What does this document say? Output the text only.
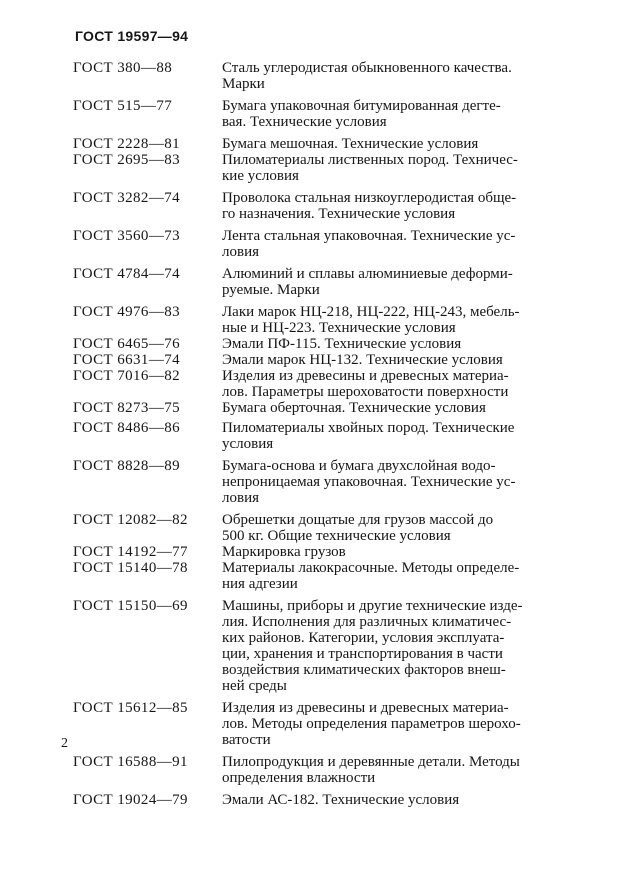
ГОСТ 19597—94
ГОСТ 380—88	Сталь углеродистая обыкновенного качества.
Марки
ГОСТ 515—77	Бумага упаковочная битумированная дегте-
вая. Технические условия
ГОСТ 2228—81	Бумага мешочная. Технические условия
ГОСТ 2695—83	Пиломатериалы лиственных пород. Техничес-
кие условия
ГОСТ 3282—74	Проволока стальная низкоуглеродистая обще-
го назначения. Технические условия
ГОСТ 3560—73	Лента стальная упаковочная. Технические ус-
ловия
ГОСТ 4784—74	Алюминий и сплавы алюминиевые деформи-
руемые. Марки
ГОСТ 4976—83	Лаки марок НЦ-218, НЦ-222, НЦ-243, мебель-
ные и НЦ-223. Технические условия
ГОСТ 6465—76	Эмали ПФ-115. Технические условия
ГОСТ 6631—74	Эмали марок НЦ-132. Технические условия
ГОСТ 7016—82	Изделия из древесины и древесных материа-
лов. Параметры шероховатости поверхности
ГОСТ 8273—75	Бумага оберточная. Технические условия
ГОСТ 8486—86	Пиломатериалы хвойных пород. Технические
условия
ГОСТ 8828—89	Бумага-основа и бумага двухслойная водо-
непроницаемая упаковочная. Технические ус-
ловия
ГОСТ 12082—82	Обрешетки дощатые для грузов массой до
500 кг. Общие технические условия
ГОСТ 14192—77	Маркировка грузов
ГОСТ 15140—78	Материалы лакокрасочные. Методы определе-
ния адгезии
ГОСТ 15150—69	Машины, приборы и другие технические изде-
лия. Исполнения для различных климатичес-
ких районов. Категории, условия эксплуата-
ции, хранения и транспортирования в части
воздействия климатических факторов внеш-
ней среды
ГОСТ 15612—85	Изделия из древесины и древесных материа-
лов. Методы определения параметров шерохо-
ватости
ГОСТ 16588—91	Пилопродукция и деревянные детали. Методы
определения влажности
ГОСТ 19024—79	Эмали АС-182. Технические условия
2
